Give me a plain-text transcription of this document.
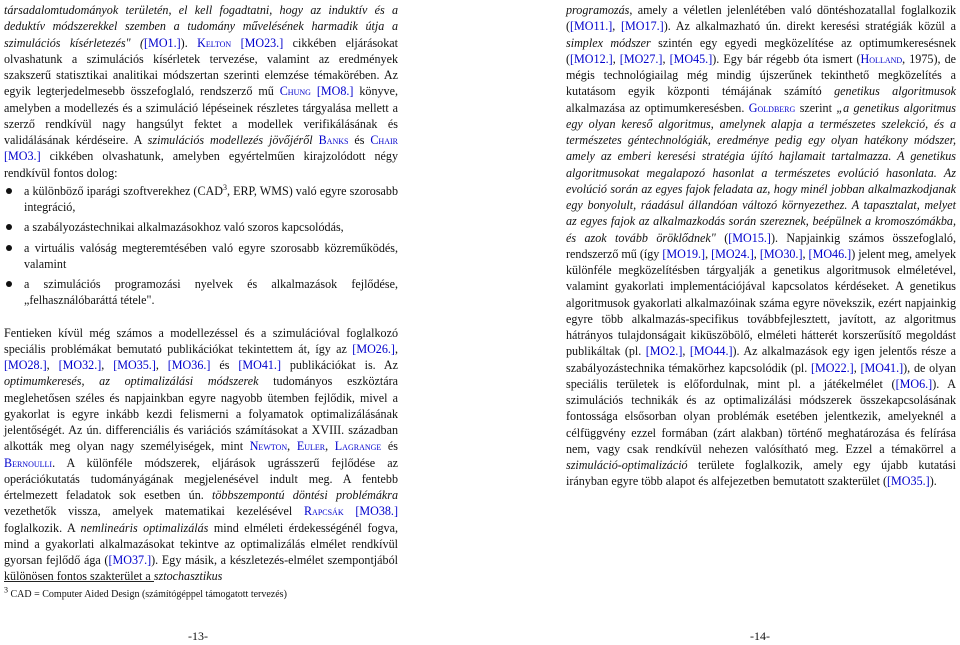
társadalomtudományok területén, el kell fogadtatni, hogy az induktív és a deduktív módszerekkel szemben a tudomány művelésének harmadik útja a szimulációs kísérletezés" ([MO1.]). Kelton [MO23.] cikkében eljárásokat olvashatunk a szimulációs kísérletek tervezése, valamint az eredmények szakszerű statisztikai analitikai módszertan szerinti elemzése témakörében. Az egyik legterjedelmesebb összefoglaló, rendszerző mű Chung [MO8.] könyve, amelyben a modellezés és a szimuláció lépéseinek részletes tárgyalása mellett a szerző rendkívül nagy hangsúlyt fektet a modellek verifikálásának és validálásának kérdéseire. A szimulációs modellezés jövőjéről Banks és Chair [MO3.] cikkében olvashatunk, amelyben egyértelműen kirajzolódott négy rendkívül fontos dolog:

a különböző iparági szoftverekhez (CAD$^3$, ERP, WMS) való egyre szorosabb integráció,
a szabályozástechnikai alkalmazásokhoz való szoros kapcsolódás,
a virtuális valóság megteremtésében való egyre szorosabb közreműködés, valamint
a szimulációs programozási nyelvek és alkalmazások fejlődése, „felhasználóbaráttá tétele".

Fentieken kívül még számos a modellezéssel és a szimulációval foglalkozó speciális problémákat bemutató publikációkat tekintettem át, így az [MO26.], [MO28.], [MO32.], [MO35.], [MO36.] és [MO41.] publikációkat is. Az optimumkeresés, az optimalizálási módszerek tudományos eszköztára meglehetősen széles és napjainkban egyre nagyobb ütemben fejlődik, mivel a gyakorlat is egyre inkább kezdi felismerni a folyamatok optimalizálásának jelentőségét. Az ún. differenciális és variációs számításokat a XVIII. században alkották meg olyan nagy személyiségek, mint Newton, Euler, Lagrange és Bernoulli. A különféle módszerek, eljárások ugrásszerű fejlődése az operációkutatás tudományágának megjelenésével indult meg. A fentebb értelmezett feladatok sok esetben ún. többszempontú döntési problémákra vezethetők vissza, amelyek matematikai kezelésével Rapcsák [MO38.] foglalkozik. A nemlineáris optimalizálás mind elméleti érdekességénél fogva, mind a gyakorlati alkalmazásokat tekintve az optimalizálás elmélet rendkívül gyorsan fejlődő ága ([MO37.]). Egy másik, a készletezés-elmélet szempontjából különösen fontos szakterület a sztochasztikus

programozás, amely a véletlen jelenlétében való döntéshozatallal foglalkozik ([MO11.], [MO17.]). Az alkalmazható ún. direkt keresési stratégiák közül a simplex módszer szintén egy egyedi megközelítése az optimumkeresésnek ([MO12.], [MO27.], [MO45.]). Egy bár régebb óta ismert (Holland, 1975), de mégis technológiailag még mindig újszerűnek tekinthető megközelítés a kutatásom egyik központi témájának számító genetikus algoritmusok alkalmazása az optimumkeresésben. Goldberg szerint „a genetikus algoritmus egy olyan kereső algoritmus, amelynek alapja a természetes szelekció, és a természetes géntechnológiák, eredménye pedig egy olyan hatékony módszer, amely az emberi keresési stratégia újító hajlamait tartalmazza. A genetikus algoritmusokat megalapozó hasonlat a természetes evolúció hasonlata. Az evolúció során az egyes fajok feladata az, hogy minél jobban alkalmazkodjanak egy bonyolult, ráadásul állandóan változó környezethez. A tapasztalat, melyet az egyes fajok az alkalmazkodás során szereznek, beépülnek a kromoszómákba, és azok tovább öröklődnek" ([MO15.]). Napjainkig számos összefoglaló, rendszerző mű (így [MO19.], [MO24.], [MO30.], [MO46.]) jelent meg, amelyek különféle megközelítésben tárgyalják a genetikus algoritmusok elméletével, valamint gyakorlati implementációjával kapcsolatos kérdéseket. A genetikus algoritmusok gyakorlati alkalmazóinak száma egyre növekszik, ezért napjainkig egyre több alkalmazás-specifikus továbbfejlesztett, javított, az algoritmus hátrányos tulajdonságait kiküszöbölő, elméleti hátterét korszerűsítő megoldást publikáltak (pl. [MO2.], [MO44.]). Az alkalmazások egy igen jelentős része a szabályozástechnika témakörhez kapcsolódik (pl. [MO22.], [MO41.]), de olyan speciális területek is előfordulnak, mint pl. a játékelmélet ([MO6.]). A szimulációs technikák és az optimalizálási módszerek összekapcsolásának fontossága elsősorban olyan problémák esetében jelentkezik, amelyeknél a célfüggvény ezzel formában (zárt alakban) történő meghatározása és felírása nem, vagy csak rendkívül nehezen valósítható meg. Ezzel a témakörrel a szimuláció-optimalizáció területe foglalkozik, amely egy újabb kutatási irányban egyre több alapot és alfejezetben bemutatott szakterület ([MO35.]).

$^3$ CAD = Computer Aided Design (számítógéppel támogatott tervezés)
-13-	-14-
